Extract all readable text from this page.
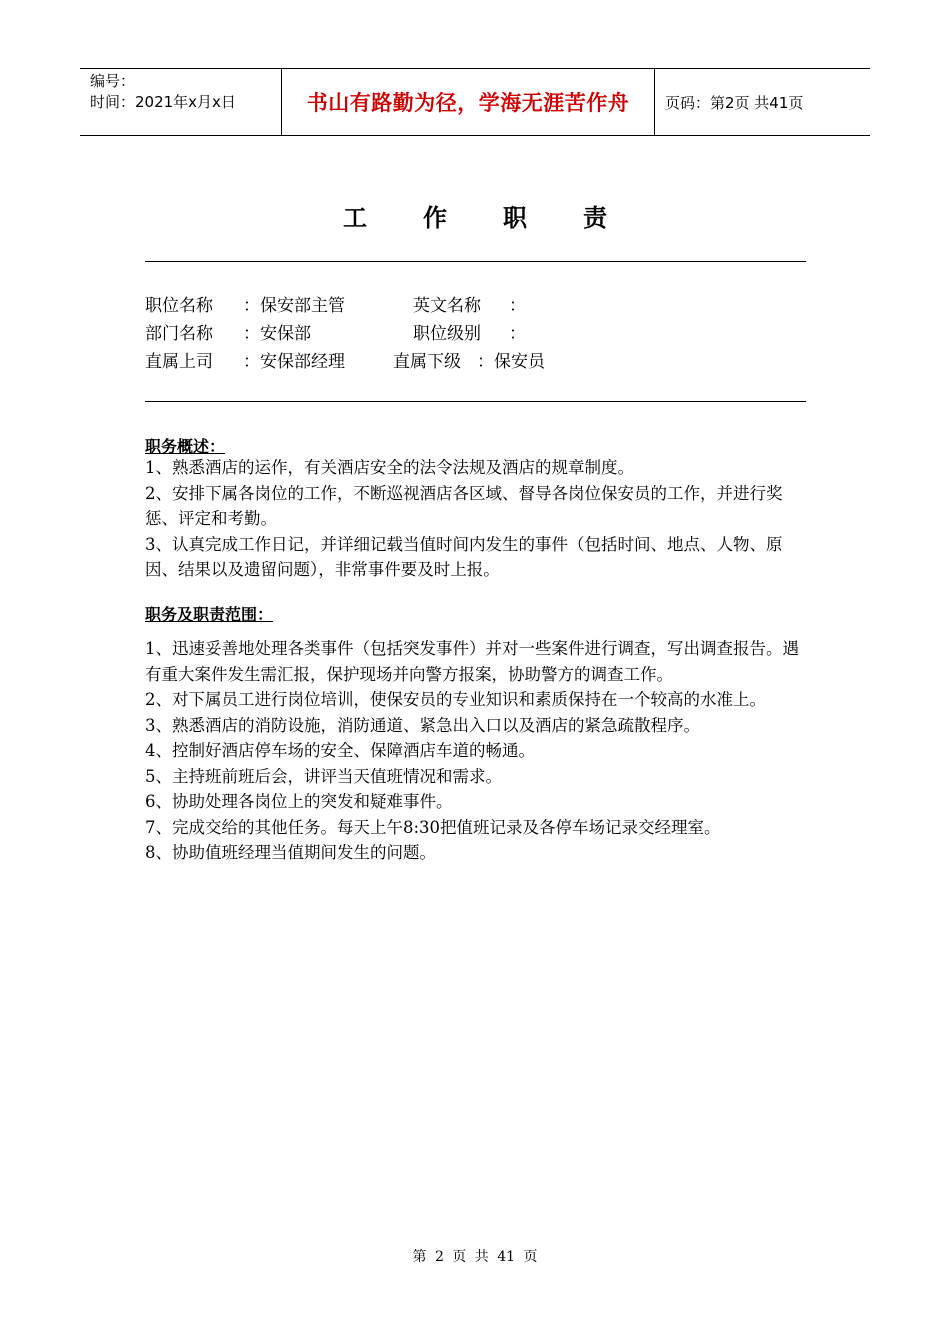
编号：
时间：2021年x月x日	书山有路勤为径，学海无涯苦作舟	页码：第2页 共41页
工作职责
职位名称 ：保安部主管	英文名称 ：
部门名称 ：安保部	职位级别 ：
直属上司 ：安保部经理	直属下级 ：保安员
职务概述：

1、熟悉酒店的运作，有关酒店安全的法令法规及酒店的规章制度。

2、安排下属各岗位的工作，不断巡视酒店各区域、督导各岗位保安员的工作，并进行奖惩、评定和考勤。

3、认真完成工作日记，并详细记载当值时间内发生的事件（包括时间、地点、人物、原因、结果以及遗留问题），非常事件要及时上报。

职务及职责范围：

1、迅速妥善地处理各类事件（包括突发事件）并对一些案件进行调查，写出调查报告。遇有重大案件发生需汇报，保护现场并向警方报案，协助警方的调查工作。

2、对下属员工进行岗位培训，使保安员的专业知识和素质保持在一个较高的水准上。

3、熟悉酒店的消防设施，消防通道、紧急出入口以及酒店的紧急疏散程序。

4、控制好酒店停车场的安全、保障酒店车道的畅通。

5、主持班前班后会，讲评当天值班情况和需求。

6、协助处理各岗位上的突发和疑难事件。

7、完成交给的其他任务。每天上午8:30把值班记录及各停车场记录交经理室。

8、协助值班经理当值期间发生的问题。

第 2 页 共 41 页
